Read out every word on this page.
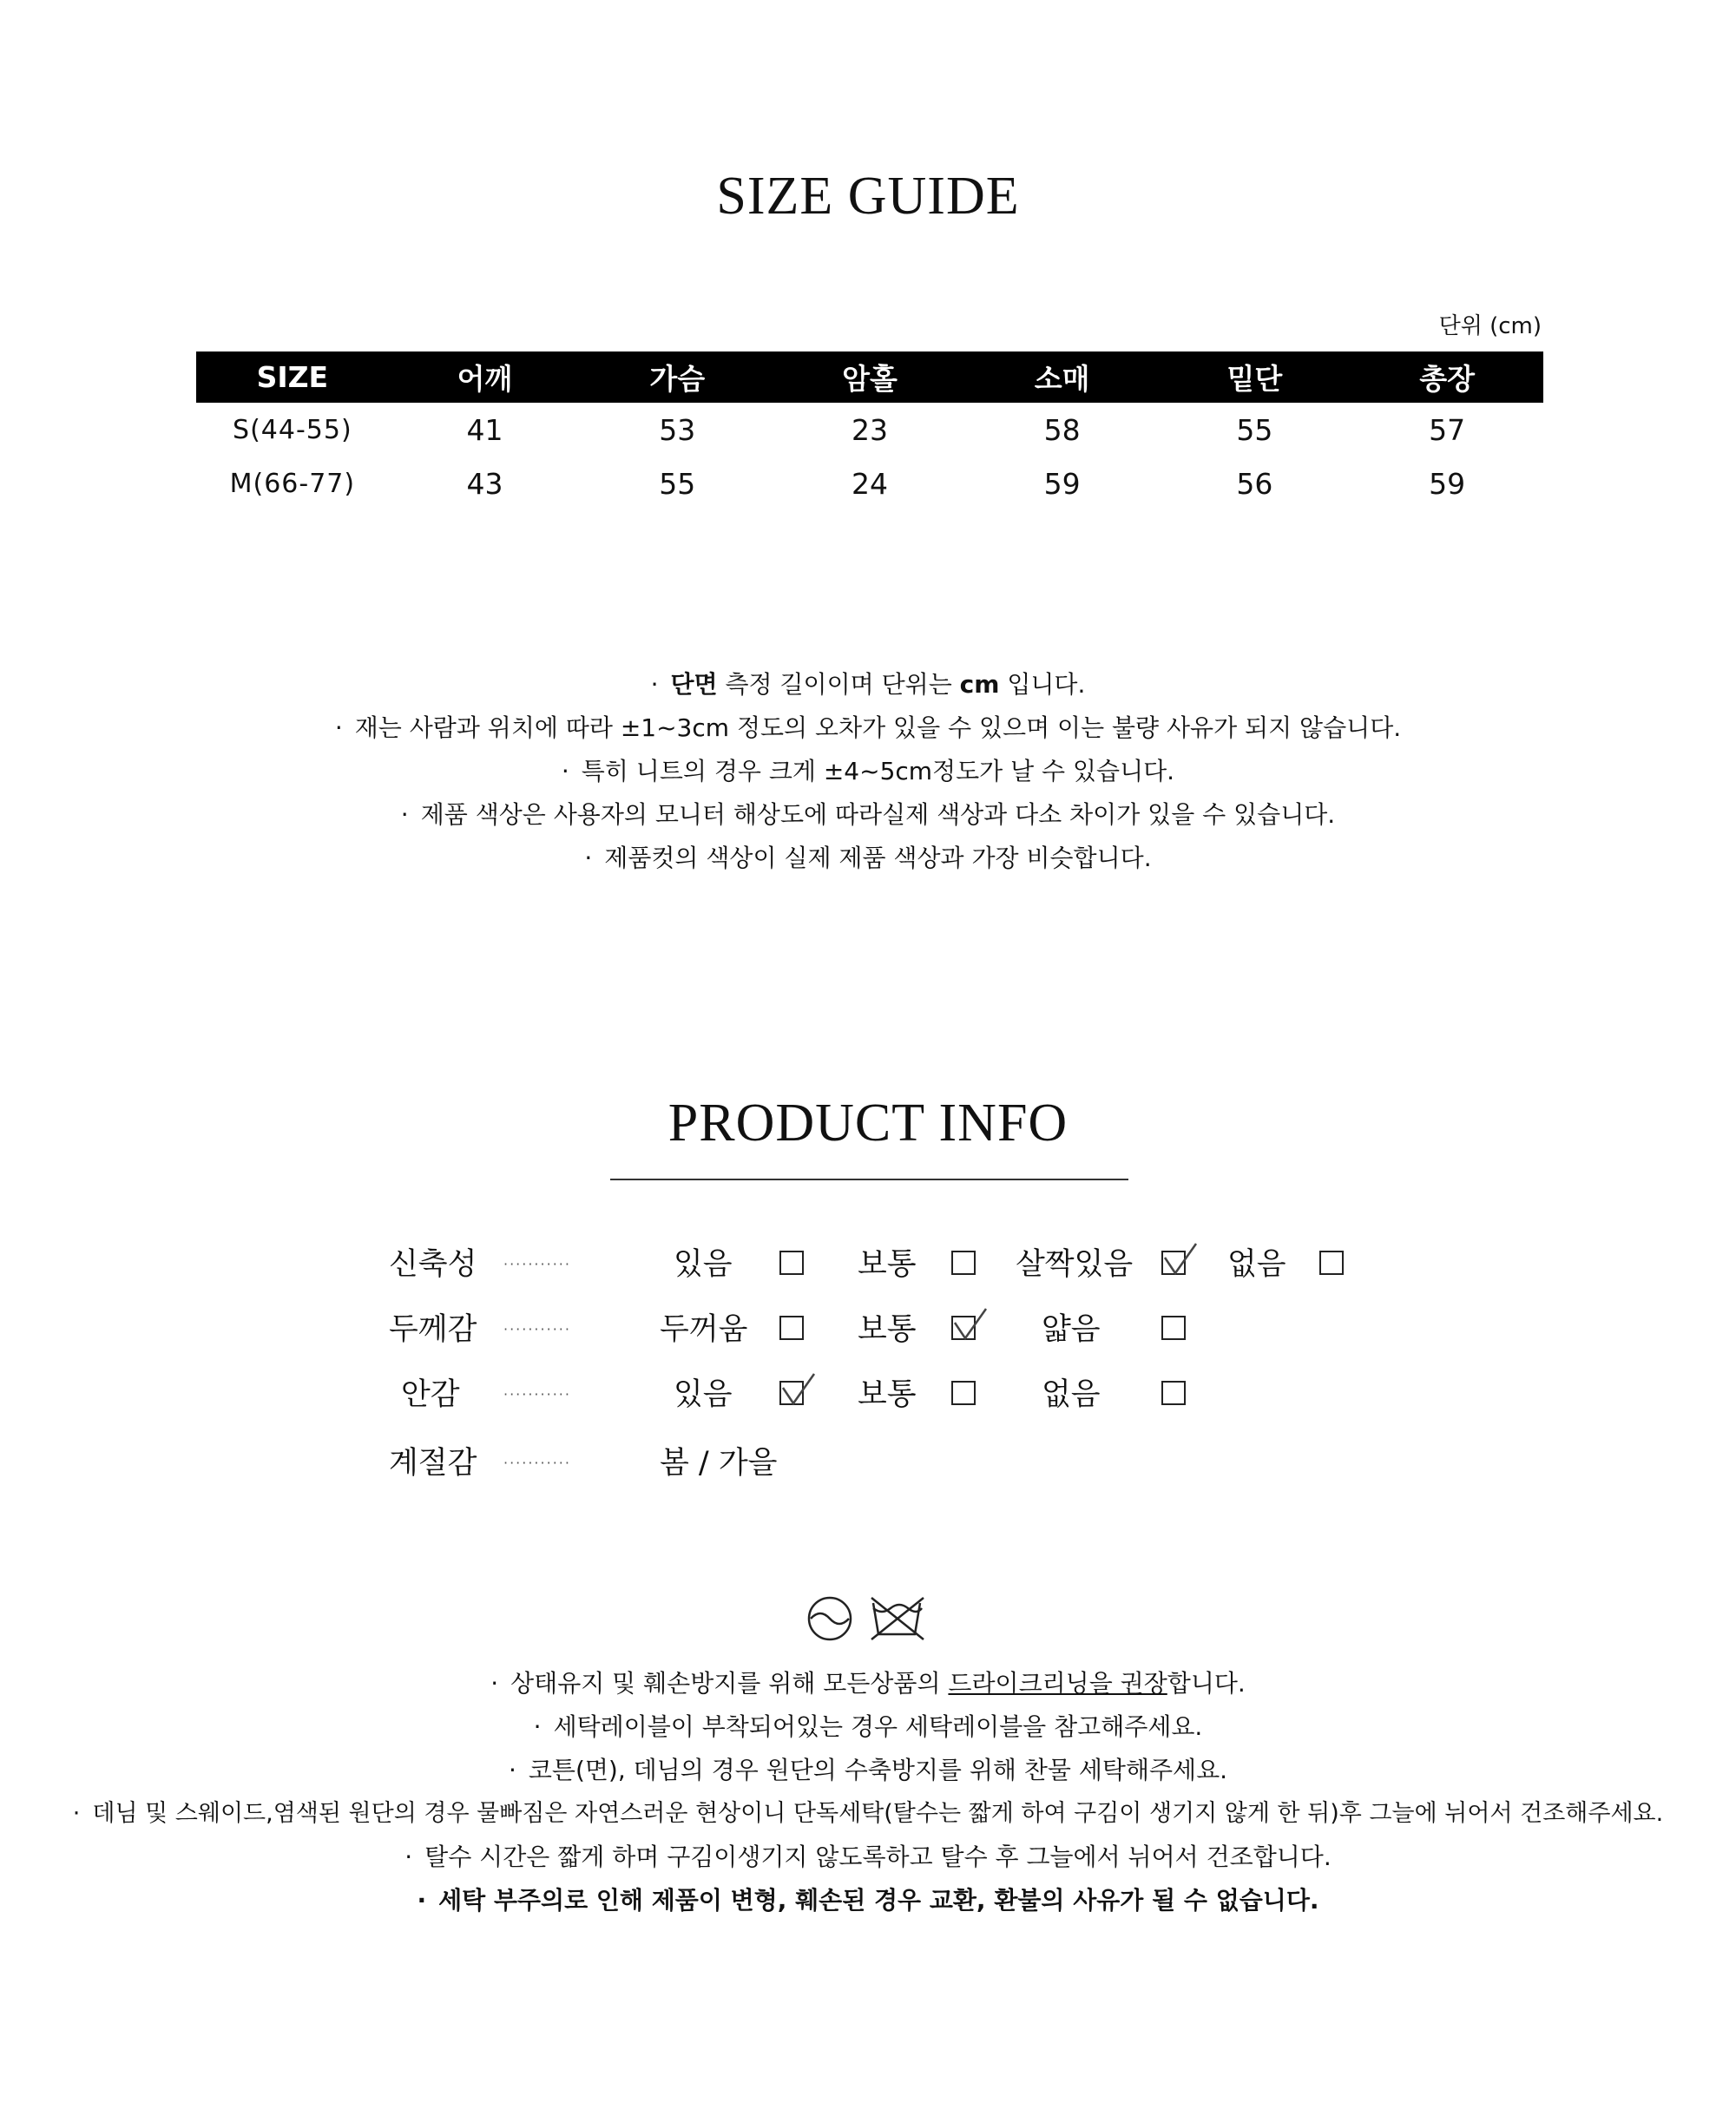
SIZE GUIDE
단위 (cm)
SIZE	어깨	가슴	암홀	소매	밑단	총장
S(44-55)	41	53	23	58	55	57
M(66-77)	43	55	24	59	56	59
· 단면 측정 길이이며 단위는 cm 입니다.
· 재는 사람과 위치에 따라 ±1~3cm 정도의 오차가 있을 수 있으며 이는 불량 사유가 되지 않습니다.
· 특히 니트의 경우 크게 ±4~5cm정도가 날 수 있습니다.
· 제품 색상은 사용자의 모니터 해상도에 따라실제 색상과 다소 차이가 있을 수 있습니다.
· 제품컷의 색상이 실제 제품 색상과 가장 비슷합니다.
PRODUCT INFO
신축성	···········	있음	보통	살짝있음	없음
두께감	···········	두꺼움	보통	얇음
안감	···········	있음	보통	없음
계절감	···········	봄 / 가을
· 상태유지 및 훼손방지를 위해 모든상품의 드라이크리닝을 권장합니다.
· 세탁레이블이 부착되어있는 경우 세탁레이블을 참고해주세요.
· 코튼(면), 데님의 경우 원단의 수축방지를 위해 찬물 세탁해주세요.
· 데님 및 스웨이드,염색된 원단의 경우 물빠짐은 자연스러운 현상이니 단독세탁(탈수는 짧게 하여 구김이 생기지 않게 한 뒤)후 그늘에 뉘어서 건조해주세요.
· 탈수 시간은 짧게 하며 구김이생기지 않도록하고 탈수 후 그늘에서 뉘어서 건조합니다.
· 세탁 부주의로 인해 제품이 변형, 훼손된 경우 교환, 환불의 사유가 될 수 없습니다.
